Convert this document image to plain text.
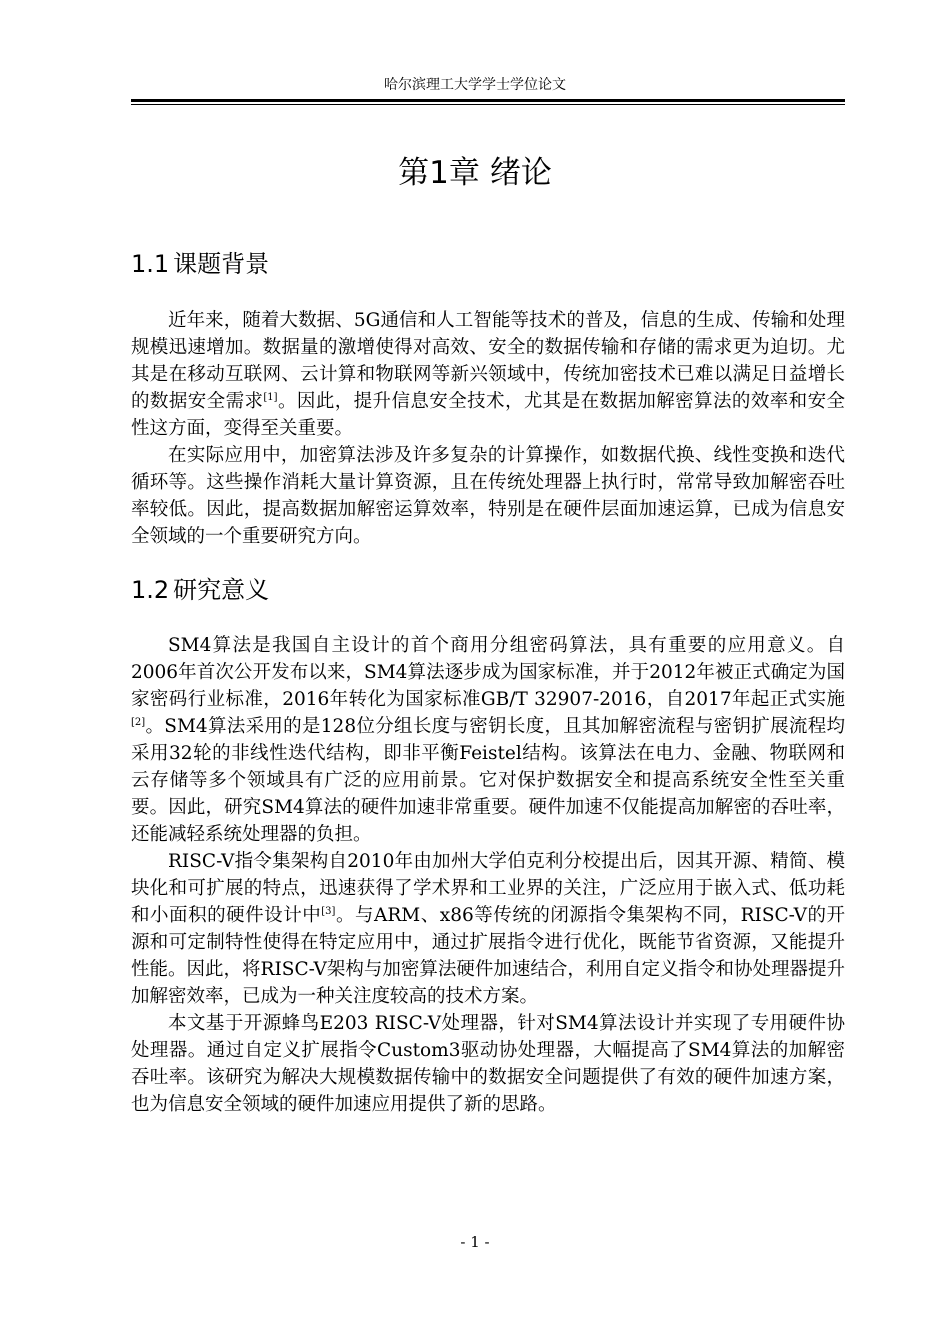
哈尔滨理工大学学士学位论文
第1章 绪论
1.1 课题背景

近年来，随着大数据、5G通信和人工智能等技术的普及，信息的生成、传输和处理规模迅速增加。数据量的激增使得对高效、安全的数据传输和存储的需求更为迫切。尤其是在移动互联网、云计算和物联网等新兴领域中，传统加密技术已难以满足日益增长的数据安全需求[1]。因此，提升信息安全技术，尤其是在数据加解密算法的效率和安全性这方面，变得至关重要。

在实际应用中，加密算法涉及许多复杂的计算操作，如数据代换、线性变换和迭代循环等。这些操作消耗大量计算资源，且在传统处理器上执行时，常常导致加解密吞吐率较低。因此，提高数据加解密运算效率，特别是在硬件层面加速运算，已成为信息安全领域的一个重要研究方向。

1.2 研究意义

SM4算法是我国自主设计的首个商用分组密码算法，具有重要的应用意义。自2006年首次公开发布以来，SM4算法逐步成为国家标准，并于2012年被正式确定为国家密码行业标准，2016年转化为国家标准GB/T 32907-2016，自2017年起正式实施[2]。SM4算法采用的是128位分组长度与密钥长度，且其加解密流程与密钥扩展流程均采用32轮的非线性迭代结构，即非平衡Feistel结构。该算法在电力、金融、物联网和云存储等多个领域具有广泛的应用前景。它对保护数据安全和提高系统安全性至关重要。因此，研究SM4算法的硬件加速非常重要。硬件加速不仅能提高加解密的吞吐率，还能减轻系统处理器的负担。

RISC-V指令集架构自2010年由加州大学伯克利分校提出后，因其开源、精简、模块化和可扩展的特点，迅速获得了学术界和工业界的关注，广泛应用于嵌入式、低功耗和小面积的硬件设计中[3]。与ARM、x86等传统的闭源指令集架构不同，RISC-V的开源和可定制特性使得在特定应用中，通过扩展指令进行优化，既能节省资源，又能提升性能。因此，将RISC-V架构与加密算法硬件加速结合，利用自定义指令和协处理器提升加解密效率，已成为一种关注度较高的技术方案。

本文基于开源蜂鸟E203 RISC-V处理器，针对SM4算法设计并实现了专用硬件协处理器。通过自定义扩展指令Custom3驱动协处理器，大幅提高了SM4算法的加解密吞吐率。该研究为解决大规模数据传输中的数据安全问题提供了有效的硬件加速方案，也为信息安全领域的硬件加速应用提供了新的思路。

- 1 -
